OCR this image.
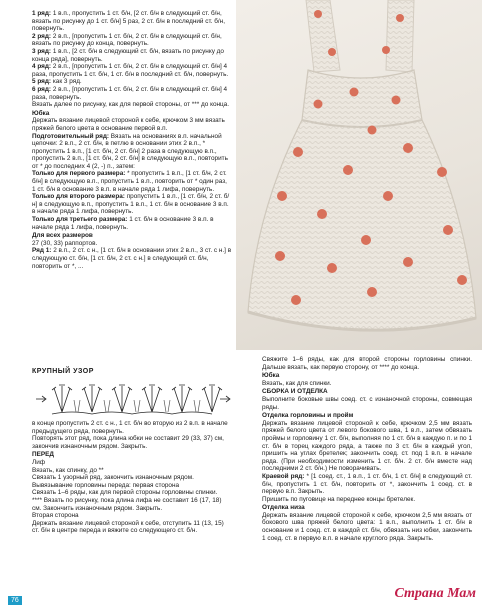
1 ряд: 1 в.п., пропустить 1 ст. б/н, [2 ст. б/н в следующий ст. б/н, вязать по рисунку до 1 ст. б/н] 5 раз, 2 ст. б/н в последний ст. б/н, повернуть.

2 ряд: 2 в.п., [пропустить 1 ст. б/н, 2 ст. б/н в следующий ст. б/н, вязать по рисунку до конца, повернуть.

3 ряд: 1 в.п., [2 ст. б/н в следующий ст. б/н, вязать по рисунку до конца ряда], повернуть.

4 ряд: 2 в.п., [пропустить 1 ст. б/н, 2 ст. б/н в следующий ст. б/н] 4 раза, пропустить 1 ст. б/н, 1 ст. б/н в последний ст. б/н, повернуть.

5 ряд: как 3 ряд.

6 ряд: 2 в.п., [пропустить 1 ст. б/н, 2 ст. б/н в следующий ст. б/н] 4 раза, повернуть.

Вязать далее по рисунку, как для первой стороны, от *** до конца.

Юбка

Держать вязание лицевой стороной к себе, крючком 3 мм вязать пряжей белого цвета в основание первой в.п.

Подготовительный ряд: Вязать на основаниях в.п. начальной цепочки: 2 в.п., 2 ст. б/н, в петлю в основании этих 2 в.п., * пропустить 1 в.п., [1 ст. б/н, 2 ст. б/н] 2 раза в следующую в.п., пропустить 2 в.п., [1 ст. б/н, 2 ст. б/н] в следующую в.п., повторить от * до последних 4 (2, -) п., затем:

Только для первого размера: * пропустить 1 в.п., [1 ст. б/н, 2 ст. б/н] в следующую в.п., пропустить 1 в.п., повторить от * один раз, 1 ст. б/н в основание 3 в.п. в начале ряда 1 лифа, повернуть.

Только для второго размера: пропустить 1 в.п., [1 ст. б/н, 2 ст. б/н] в следующую в.п., пропустить 1 в.п., 1 ст. б/н в основание 3 в.п. в начале ряда 1 лифа, повернуть.

Только для третьего размера: 1 ст. б/н в основание 3 в.п. в начале ряда 1 лифа, повернуть.

Для всех размеров

27 (30, 33) раппортов.

Ряд 1: 2 в.п., 2 ст. с н., [1 ст. б/н в основании этих 2 в.п., 3 ст. с н.] в следующую ст. б/н, [1 ст. б/н, 2 ст. с н.] в следующий ст. б/н, повторить от *, ...

КРУПНЫЙ УЗОР

в конце пропустить 2 ст. с н., 1 ст. б/н во вторую из 2 в.п. в начале предыдущего ряда, повернуть.

Повторять этот ряд, пока длина юбки не составит 29 (33, 37) см, закончив изнаночным рядом. Закрыть.

ПЕРЕД

Лиф

Вязать, как спинку, до **

Связать 1 узорный ряд, закончить изнаночным рядом.

Вывязывание горловины переда: первая сторона

Связать 1–6 ряды, как для первой стороны горловины спинки.

**** Вязать по рисунку, пока длина лифа не составит 16 (17, 18) см. Закончить изнаночным рядом. Закрыть.

Вторая сторона

Держать вязание лицевой стороной к себе, отступить 11 (13, 15) ст. б/н в центре переда и вяжите со следующего ст. б/н.

Свяжите 1–6 ряды, как для второй стороны горловины спинки. Дальше вязать, как первую сторону, от **** до конца.

Юбка

Вязать, как для спинки.

СБОРКА И ОТДЕЛКА

Выполните боковые швы соед. ст. с изнаночной стороны, совмещая ряды.

Отделка горловины и пройм

Держать вязание лицевой стороной к себе, крючком 2,5 мм вязать пряжей белого цвета от левого бокового шва, 1 в.п., затем обвязать проймы и горловину 1 ст. б/н, выполняя по 1 ст. б/н в каждую п. и по 1 ст. б/н в торец каждого ряда, а также по 3 ст. б/н в каждый угол, пришить на углах бретелек; закончить соед. ст. под 1 в.п. в начале ряда. (При необходимости изменить 1 ст. б/н. 2 ст. б/н вместе над последними 2 ст. б/н.) Не поворачивать.

Краевой ряд: * [1 соед. ст., 1 в.п., 1 ст. б/н, 1 ст. б/н] в следующий ст. б/н, пропустить 1 ст. б/н, повторить от *, закончить 1 соед. ст. в первую в.п. Закрыть.

Пришить по пуговице на переднее концы бретелек.

Отделка низа

Держать вязание лицевой стороной к себе, крючком 2,5 мм вязать от бокового шва пряжей белого цвета: 1 в.п., выполнить 1 ст. б/н в основание и 1 соед. ст. в каждой ст. б/н, обвязать низ юбки, закончить 1 соед. ст. в первую в.п. в начале круглого ряда. Закрыть.

76	Страна Мам
